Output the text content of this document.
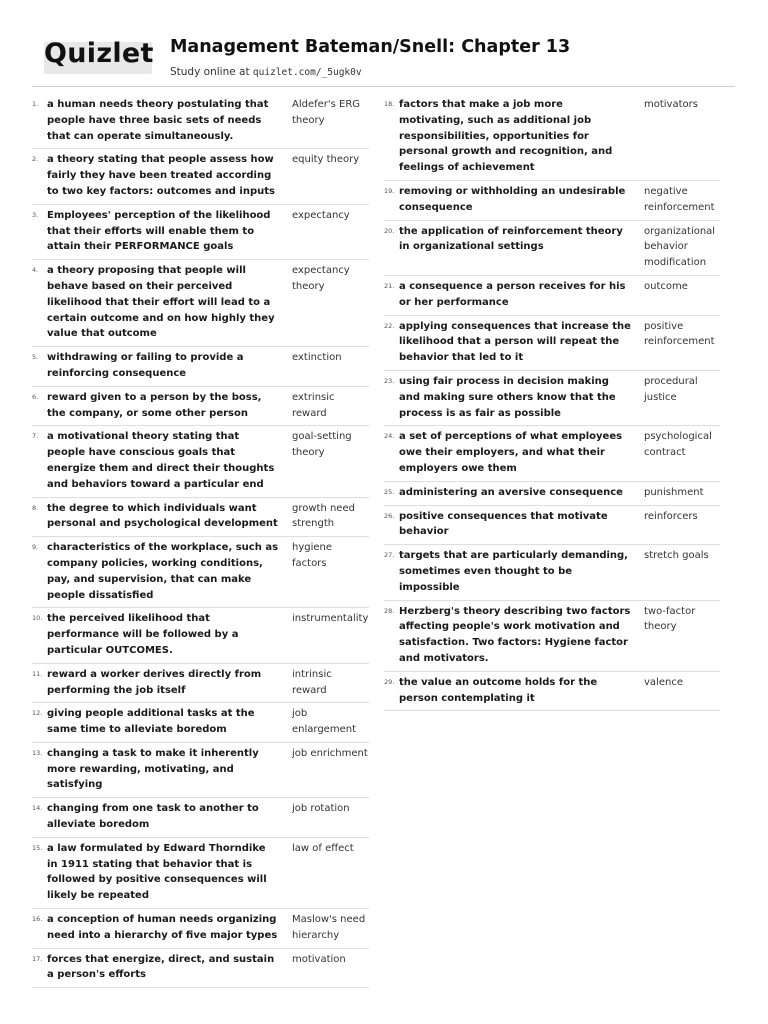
Quizlet Management Bateman/Snell: Chapter 13
Study online at quizlet.com/_5ugk0v
1. a human needs theory postulating that people have three basic sets of needs that can operate simultaneously.
Aldefer's ERG theory
2. a theory stating that people assess how fairly they have been treated according to two key factors: outcomes and inputs
equity theory
3. Employees' perception of the likelihood that their efforts will enable them to attain their PERFORMANCE goals
expectancy
4. a theory proposing that people will behave based on their perceived likelihood that their effort will lead to a certain outcome and on how highly they value that outcome
expectancy theory
5. withdrawing or failing to provide a reinforcing consequence
extinction
6. reward given to a person by the boss, the company, or some other person
extrinsic reward
7. a motivational theory stating that people have conscious goals that energize them and direct their thoughts and behaviors toward a particular end
goal-setting theory
8. the degree to which individuals want personal and psychological development
growth need strength
9. characteristics of the workplace, such as company policies, working conditions, pay, and supervision, that can make people dissatisfied
hygiene factors
10. the perceived likelihood that performance will be followed by a particular OUTCOMES.
instrumentality
11. reward a worker derives directly from performing the job itself
intrinsic reward
12. giving people additional tasks at the same time to alleviate boredom
job enlargement
13. changing a task to make it inherently more rewarding, motivating, and satisfying
job enrichment
14. changing from one task to another to alleviate boredom
job rotation
15. a law formulated by Edward Thorndike in 1911 stating that behavior that is followed by positive consequences will likely be repeated
law of effect
16. a conception of human needs organizing need into a hierarchy of five major types
Maslow's need hierarchy
17. forces that energize, direct, and sustain a person's efforts
motivation
18. factors that make a job more motivating, such as additional job responsibilities, opportunities for personal growth and recognition, and feelings of achievement
motivators
19. removing or withholding an undesirable consequence
negative reinforcement
20. the application of reinforcement theory in organizational settings
organizational behavior modification
21. a consequence a person receives for his or her performance
outcome
22. applying consequences that increase the likelihood that a person will repeat the behavior that led to it
positive reinforcement
23. using fair process in decision making and making sure others know that the process is as fair as possible
procedural justice
24. a set of perceptions of what employees owe their employers, and what their employers owe them
psychological contract
25. administering an aversive consequence	punishment
26. positive consequences that motivate behavior
reinforcers
27. targets that are particularly demanding, sometimes even thought to be impossible
stretch goals
28. Herzberg's theory describing two factors affecting people's work motivation and satisfaction. Two factors: Hygiene factor and motivators.
two-factor theory
29. the value an outcome holds for the person contemplating it
valence
